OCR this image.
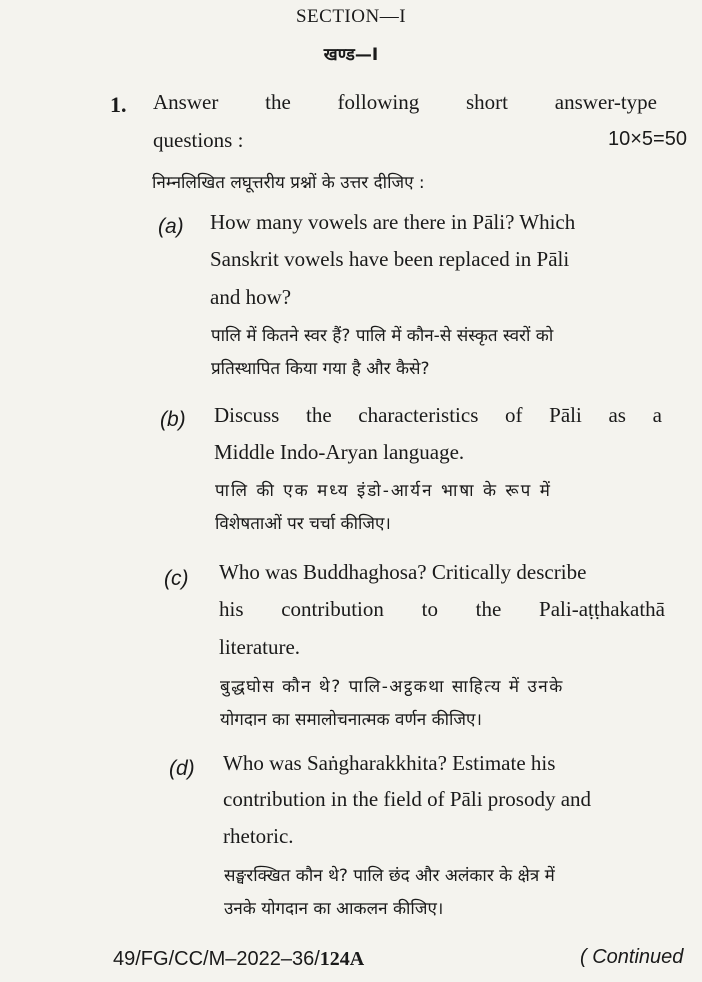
SECTION—I
खण्ड—I
1. Answer the following short answer-type
questions :	10×5=50
निम्नलिखित लघूत्तरीय प्रश्नों के उत्तर दीजिए :
(a) How many vowels are there in Pāli? Which
Sanskrit vowels have been replaced in Pāli
and how?
पालि में कितने स्वर हैं? पालि में कौन-से संस्कृत स्वरों को
प्रतिस्थापित किया गया है और कैसे?
(b) Discuss the characteristics of Pāli as a
Middle Indo-Aryan language.
पालि की एक मध्य इंडो-आर्यन भाषा के रूप में
विशेषताओं पर चर्चा कीजिए।
(c) Who was Buddhaghosa? Critically describe
his contribution to the Pali-aṭṭhakathā
literature.
बुद्धघोस कौन थे? पालि-अट्ठकथा साहित्य में उनके
योगदान का समालोचनात्मक वर्णन कीजिए।
(d) Who was Saṅgharakkhita? Estimate his
contribution in the field of Pāli prosody and
rhetoric.
सङ्घरक्खित कौन थे? पालि छंद और अलंकार के क्षेत्र में
उनके योगदान का आकलन कीजिए।
49/FG/CC/M–2022–36/124A	( Continued
